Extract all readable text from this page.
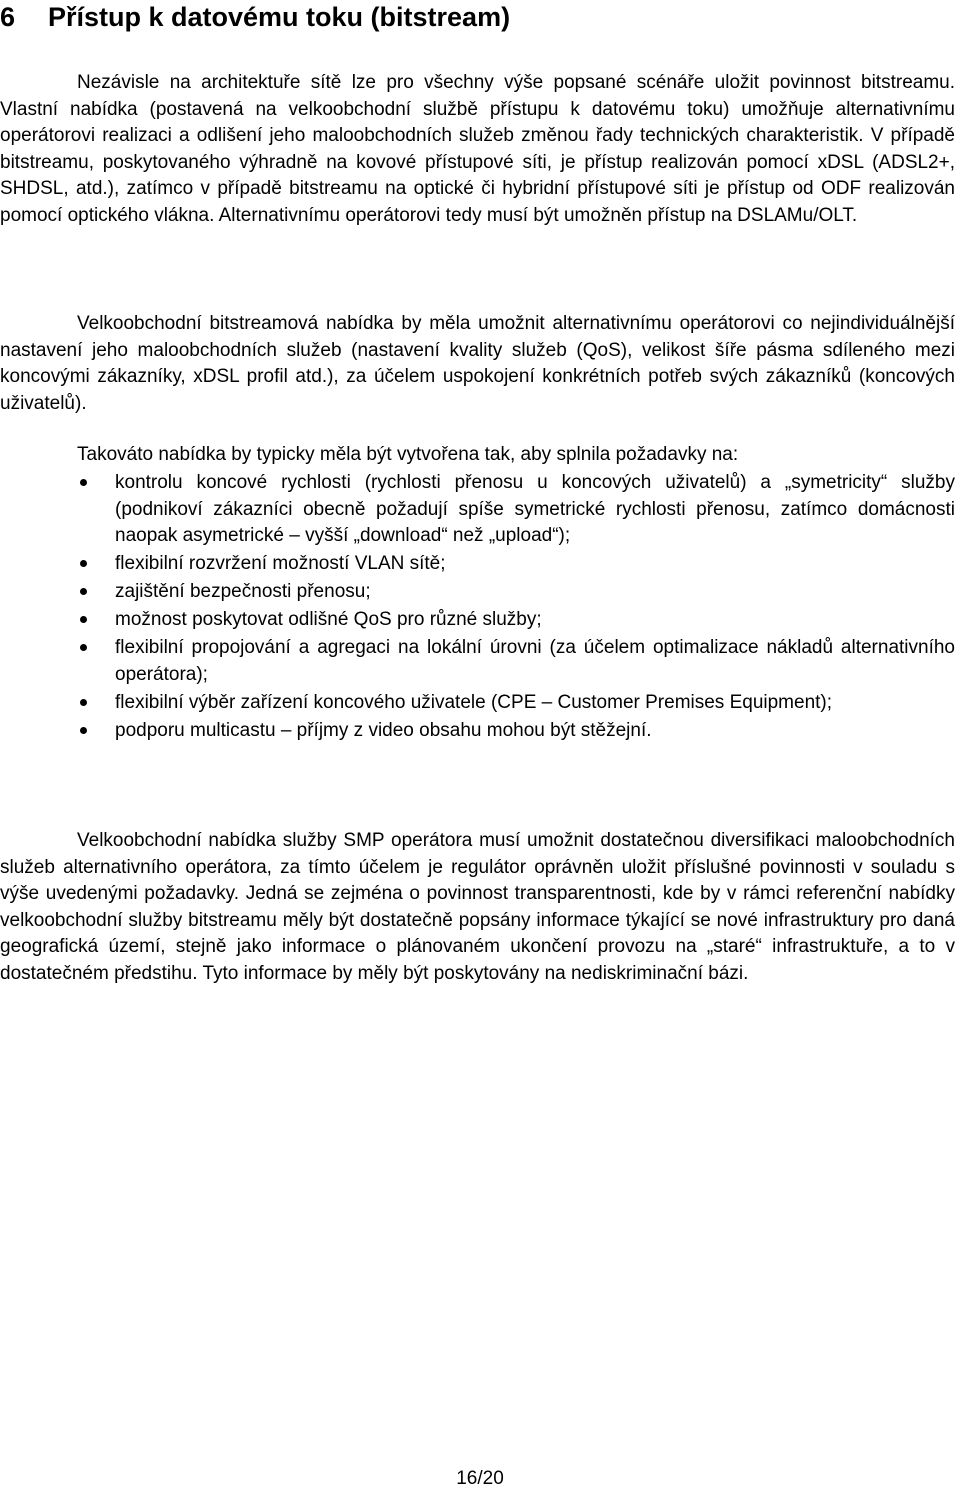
6 Přístup k datovému toku (bitstream)

Nezávisle na architektuře sítě lze pro všechny výše popsané scénáře uložit povinnost bitstreamu. Vlastní nabídka (postavená na velkoobchodní službě přístupu k datovému toku) umožňuje alternativnímu operátorovi realizaci a odlišení jeho maloobchodních služeb změnou řady technických charakteristik. V případě bitstreamu, poskytovaného výhradně na kovové přístupové síti, je přístup realizován pomocí xDSL (ADSL2+, SHDSL, atd.), zatímco v případě bitstreamu na optické či hybridní přístupové síti je přístup od ODF realizován pomocí optického vlákna. Alternativnímu operátorovi tedy musí být umožněn přístup na DSLAMu/OLT.

Velkoobchodní bitstreamová nabídka by měla umožnit alternativnímu operátorovi co nejindividuálnější nastavení jeho maloobchodních služeb (nastavení kvality služeb (QoS), velikost šíře pásma sdíleného mezi koncovými zákazníky, xDSL profil atd.), za účelem uspokojení konkrétních potřeb svých zákazníků (koncových uživatelů).

Takováto nabídka by typicky měla být vytvořena tak, aby splnila požadavky na:

kontrolu koncové rychlosti (rychlosti přenosu u koncových uživatelů) a „symetricity“ služby (podnikoví zákazníci obecně požadují spíše symetrické rychlosti přenosu, zatímco domácnosti naopak asymetrické – vyšší „download“ než „upload“);
flexibilní rozvržení možností VLAN sítě;
zajištění bezpečnosti přenosu;
možnost poskytovat odlišné QoS pro různé služby;
flexibilní propojování a agregaci na lokální úrovni (za účelem optimalizace nákladů alternativního operátora);
flexibilní výběr zařízení koncového uživatele (CPE – Customer Premises Equipment);
podporu multicastu – příjmy z video obsahu mohou být stěžejní.

Velkoobchodní nabídka služby SMP operátora musí umožnit dostatečnou diversifikaci maloobchodních služeb alternativního operátora, za tímto účelem je regulátor oprávněn uložit příslušné povinnosti v souladu s výše uvedenými požadavky. Jedná se zejména o povinnost transparentnosti, kde by v rámci referenční nabídky velkoobchodní služby bitstreamu měly být dostatečně popsány informace týkající se nové infrastruktury pro daná geografická území, stejně jako informace o plánovaném ukončení provozu na „staré“ infrastruktuře, a to v dostatečném předstihu. Tyto informace by měly být poskytovány na nediskriminační bázi.

16/20
